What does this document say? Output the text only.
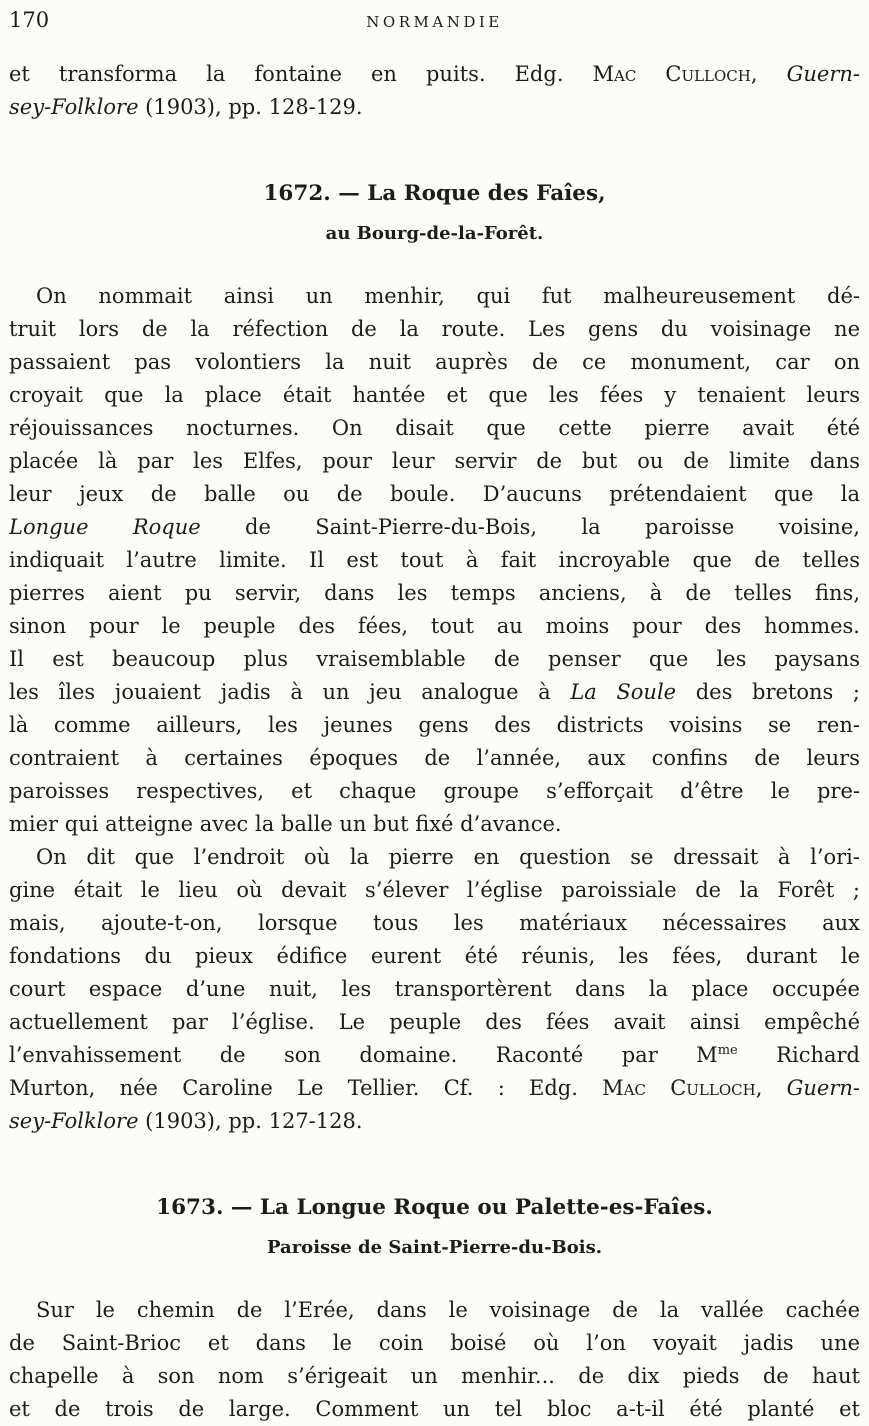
170	NORMANDIE
et transforma la fontaine en puits. Edg. Mac Culloch, Guern-
sey-Folklore (1903), pp. 128-129.
1672. — La Roque des Faîes,
au Bourg-de-la-Forêt.
On nommait ainsi un menhir, qui fut malheureusement dé-
truit lors de la réfection de la route. Les gens du voisinage ne
passaient pas volontiers la nuit auprès de ce monument, car on
croyait que la place était hantée et que les fées y tenaient leurs
réjouissances nocturnes. On disait que cette pierre avait été
placée là par les Elfes, pour leur servir de but ou de limite dans
leur jeux de balle ou de boule. D’aucuns prétendaient que la
Longue Roque de Saint-Pierre-du-Bois, la paroisse voisine,
indiquait l’autre limite. Il est tout à fait incroyable que de telles
pierres aient pu servir, dans les temps anciens, à de telles fins,
sinon pour le peuple des fées, tout au moins pour des hommes.
Il est beaucoup plus vraisemblable de penser que les paysans
les îles jouaient jadis à un jeu analogue à La Soule des bretons ;
là comme ailleurs, les jeunes gens des districts voisins se ren-
contraient à certaines époques de l’année, aux confins de leurs
paroisses respectives, et chaque groupe s’efforçait d’être le pre-
mier qui atteigne avec la balle un but fixé d’avance.
On dit que l’endroit où la pierre en question se dressait à l’ori-
gine était le lieu où devait s’élever l’église paroissiale de la Forêt ;
mais, ajoute-t-on, lorsque tous les matériaux nécessaires aux
fondations du pieux édifice eurent été réunis, les fées, durant le
court espace d’une nuit, les transportèrent dans la place occupée
actuellement par l’église. Le peuple des fées avait ainsi empêché
l’envahissement de son domaine. Raconté par $M^{me}$ Richard
Murton, née Caroline Le Tellier. Cf. : Edg. Mac Culloch, Guern-
sey-Folklore (1903), pp. 127-128.
1673. — La Longue Roque ou Palette-es-Faîes.
Paroisse de Saint-Pierre-du-Bois.
Sur le chemin de l’Erée, dans le voisinage de la vallée cachée
de Saint-Brioc et dans le coin boisé où l’on voyait jadis une
chapelle à son nom s’érigeait un menhir... de dix pieds de haut
et de trois de large. Comment un tel bloc a-t-il été planté et
